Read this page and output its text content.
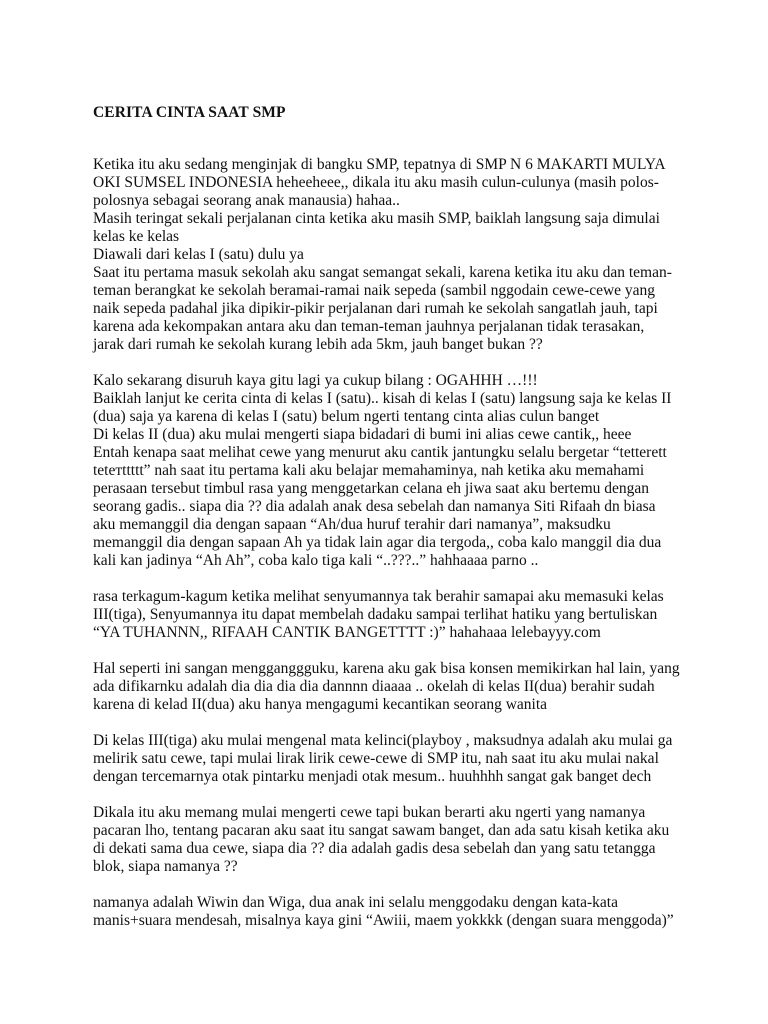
CERITA CINTA SAAT SMP
Ketika itu aku sedang menginjak di bangku SMP, tepatnya di SMP N 6 MAKARTI MULYA
OKI SUMSEL INDONESIA heheeheee,, dikala itu aku masih culun-culunya (masih polos-
polosnya sebagai seorang anak manausia) hahaa..
Masih teringat sekali perjalanan cinta ketika aku masih SMP, baiklah langsung saja dimulai
kelas ke kelas
Diawali dari kelas I (satu) dulu ya
Saat itu pertama masuk sekolah aku sangat semangat sekali, karena ketika itu aku dan teman-
teman berangkat ke sekolah beramai-ramai naik sepeda (sambil nggodain cewe-cewe yang
naik sepeda padahal jika dipikir-pikir perjalanan dari rumah ke sekolah sangatlah jauh, tapi
karena ada kekompakan antara aku dan teman-teman jauhnya perjalanan tidak terasakan,
jarak dari rumah ke sekolah kurang lebih ada 5km, jauh banget bukan ??
Kalo sekarang disuruh kaya gitu lagi ya cukup bilang : OGAHHH …!!!
Baiklah lanjut ke cerita cinta di kelas I (satu).. kisah di kelas I (satu) langsung saja ke kelas II
(dua) saja ya karena di kelas I (satu) belum ngerti tentang cinta alias culun banget
Di kelas II (dua) aku mulai mengerti siapa bidadari di bumi ini alias cewe cantik,, heee
Entah kenapa saat melihat cewe yang menurut aku cantik jantungku selalu bergetar “tetterett
teteтttttt” nah saat itu pertama kali aku belajar memahaminya, nah ketika aku memahami
perasaan tersebut timbul rasa yang menggetarkan celana eh jiwa saat aku bertemu dengan
seorang gadis.. siapa dia ?? dia adalah anak desa sebelah dan namanya Siti Rifaah dn biasa
aku memanggil dia dengan sapaan “Ah/dua huruf terahir dari namanya”, maksudku
memanggil dia dengan sapaan Ah ya tidak lain agar dia tergoda,, coba kalo manggil dia dua
kali kan jadinya “Ah Ah”, coba kalo tiga kali “..???..” hahhaaaa parno ..
rasa terkagum-kagum ketika melihat senyumannya tak berahir samapai aku memasuki kelas
III(tiga), Senyumannya itu dapat membelah dadaku sampai terlihat hatiku yang bertuliskan
“YA TUHANNN,, RIFAAH CANTIK BANGETTTT :)” hahahaaa lelebayyy.com
Hal seperti ini sangan mengganggguku, karena aku gak bisa konsen memikirkan hal lain, yang
ada difikarnku adalah dia dia dia dia dannnn diaaaa .. okelah di kelas II(dua) berahir sudah
karena di kelad II(dua) aku hanya mengagumi kecantikan seorang wanita
Di kelas III(tiga) aku mulai mengenal mata kelinci(playboy , maksudnya adalah aku mulai ga
melirik satu cewe, tapi mulai lirak lirik cewe-cewe di SMP itu, nah saat itu aku mulai nakal
dengan tercemarnya otak pintarku menjadi otak mesum.. huuhhhh sangat gak banget dech
Dikala itu aku memang mulai mengerti cewe tapi bukan berarti aku ngerti yang namanya
pacaran lho, tentang pacaran aku saat itu sangat sawam banget, dan ada satu kisah ketika aku
di dekati sama dua cewe, siapa dia ?? dia adalah gadis desa sebelah dan yang satu tetangga
blok, siapa namanya ??
namanya adalah Wiwin dan Wiga, dua anak ini selalu menggodaku dengan kata-kata
manis+suara mendesah, misalnya kaya gini “Awiii, maem yokkkk (dengan suara menggoda)”
